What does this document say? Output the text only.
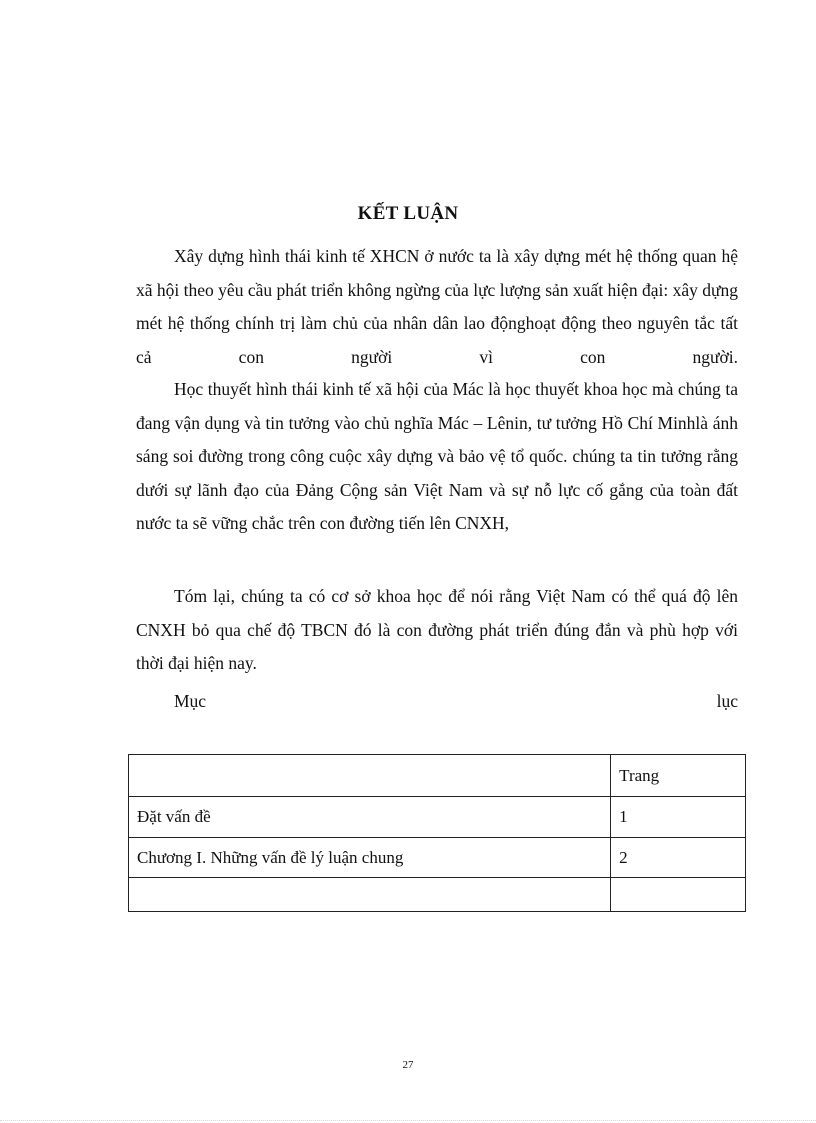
KẾT LUẬN

Xây dựng hình thái kinh tế XHCN ở nước ta là xây dựng mét hệ thống quan hệ xã hội theo yêu cầu phát triển không ngừng của lực lượng sản xuất hiện đại: xây dựng mét hệ thống chính trị làm chủ của nhân dân lao độnghoạt động theo nguyên tắc tất cả con người vì con người.

Học thuyết hình thái kinh tế xã hội của Mác là học thuyết khoa học mà chúng ta đang vận dụng và tin tưởng vào chủ nghĩa Mác – Lênin, tư tưởng Hồ Chí Minhlà ánh sáng soi đường trong công cuộc xây dựng và bảo vệ tổ quốc. chúng ta tin tưởng rằng dưới sự lãnh đạo của Đảng Cộng sản Việt Nam và sự nỗ lực cố gắng của toàn đất nước ta sẽ vững chắc trên con đường tiến lên CNXH,

Tóm lại, chúng ta có cơ sở khoa học để nói rằng Việt Nam có thể quá độ lên CNXH bỏ qua chế độ TBCN đó là con đường phát triển đúng đắn và phù hợp với thời đại hiện nay.

Mục	lục
	Trang
Đặt vấn đề	1
Chương I. Những vấn đề lý luận chung	2

27
